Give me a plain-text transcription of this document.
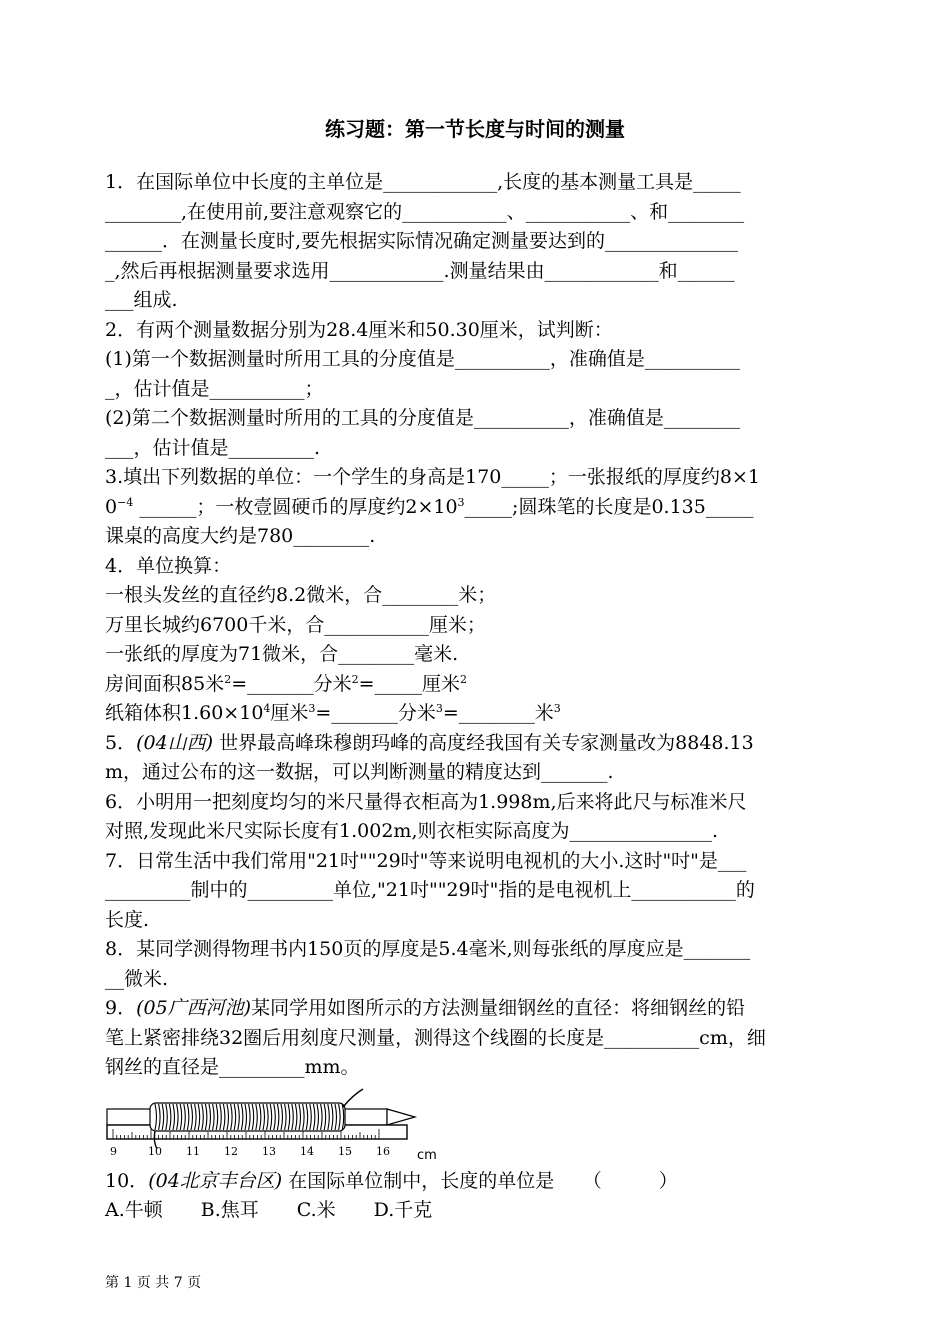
练习题：第一节长度与时间的测量
1．在国际单位中长度的主单位是____________,长度的基本测量工具是_____
________,在使用前,要注意观察它的___________、___________、和________
______．在测量长度时,要先根据实际情况确定测量要达到的______________
_,然后再根据测量要求选用____________.测量结果由____________和______
___组成.
2．有两个测量数据分别为28.4厘米和50.30厘米，试判断：
(1)第一个数据测量时所用工具的分度值是__________，准确值是__________
_，估计值是__________；
(2)第二个数据测量时所用的工具的分度值是__________，准确值是________
___，估计值是_________.
3.填出下列数据的单位：一个学生的身高是170_____；一张报纸的厚度约8×1
$0^{-4}$ ______；一枚壹圆硬币的厚度约$2\times 10^3\_\_\_\_\_$;圆珠笔的长度是0.135_____
课桌的高度大约是780________.
4．单位换算：
一根头发丝的直径约8.2微米，合________米；
万里长城约6700千米，合___________厘米；
一张纸的厚度为71微米，合________毫米.
房间面积85米$^2$=_______分米$^2$=_____厘米$^2$
纸箱体积$1.60\times 10^4$厘米$^3$=_______分米$^3$=________米$^3$
5．(04山西) 世界最高峰珠穆朗玛峰的高度经我国有关专家测量改为8848.13
m，通过公布的这一数据，可以判断测量的精度达到_______.
6．小明用一把刻度均匀的米尺量得衣柜高为1.998m,后来将此尺与标准米尺
对照,发现此米尺实际长度有1.002m,则衣柜实际高度为_______________.
7．日常生活中我们常用"21吋""29吋"等来说明电视机的大小.这时"吋"是___
_________制中的_________单位,"21吋""29吋"指的是电视机上___________的
长度.
8．某同学测得物理书内150页的厚度是5.4毫米,则每张纸的厚度应是_______
__微米.
9．(05广西河池)某同学用如图所示的方法测量细钢丝的直径：将细钢丝的铅
笔上紧密排绕32圈后用刻度尺测量，测得这个线圈的长度是__________cm，细
钢丝的直径是_________mm。
9	10 11 12 13 14 15 16 cm
10．(04北京丰台区) 在国际单位制中，长度的单位是　　（　　　）
A.牛顿　　B.焦耳　　C.米　　D.千克
第 1 页 共 7 页
